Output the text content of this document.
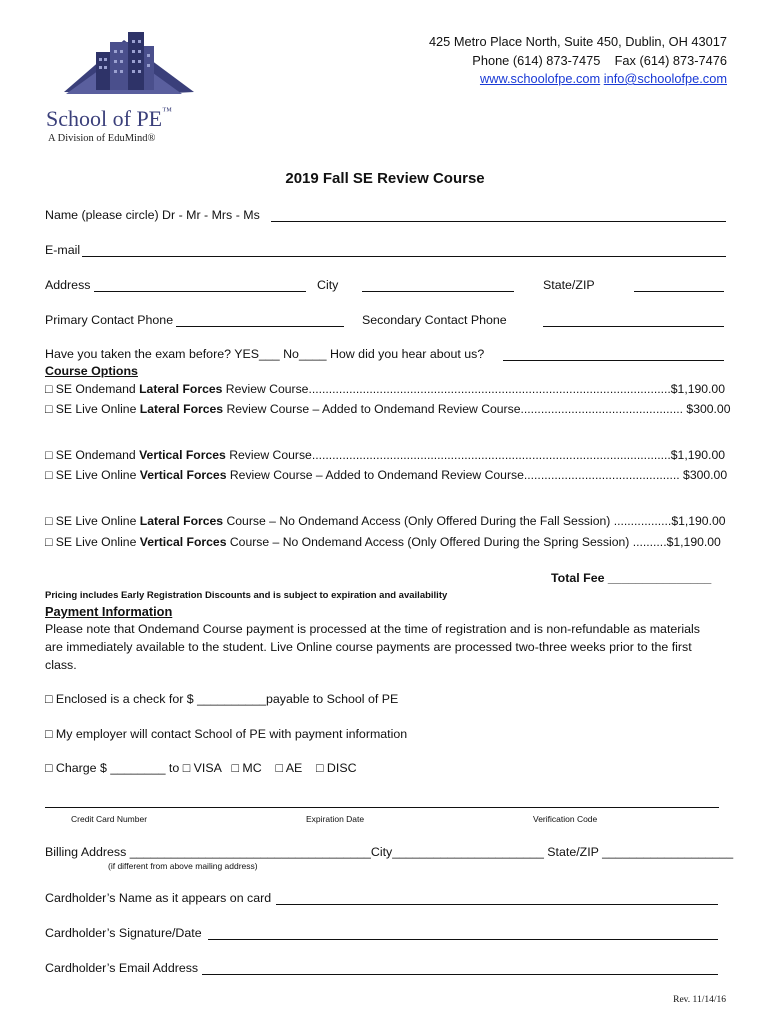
School of PE™
A Division of EduMind®
425 Metro Place North, Suite 450, Dublin, OH 43017
Phone (614) 873-7475    Fax (614) 873-7476
www.schoolofpe.com info@schoolofpe.com
2019 Fall SE Review Course
Name (please circle) Dr - Mr - Mrs - Ms
E-mail
Address	City	State/ZIP
Primary Contact Phone	Secondary Contact Phone
Have you taken the exam before? YES___ No____ How did you hear about us?
Course Options
□ SE Ondemand Lateral Forces Review Course...........................................................................................................$1,190.00
□ SE Live Online Lateral Forces Review Course – Added to Ondemand Review Course................................................ $300.00
□ SE Ondemand Vertical Forces Review Course..........................................................................................................$1,190.00
□ SE Live Online Vertical Forces Review Course – Added to Ondemand Review Course.............................................. $300.00
□ SE Live Online Lateral Forces Course – No Ondemand Access (Only Offered During the Fall Session) .................$1,190.00
□ SE Live Online Vertical Forces Course – No Ondemand Access (Only Offered During the Spring Session) ..........$1,190.00
Total Fee _______________
Pricing includes Early Registration Discounts and is subject to expiration and availability
Payment Information
Please note that Ondemand Course payment is processed at the time of registration and is non-refundable as materials
are immediately available to the student. Live Online course payments are processed two-three weeks prior to the first
class.
□ Enclosed is a check for $ __________payable to School of PE
□ My employer will contact School of PE with payment information
□ Charge $ ________ to □ VISA   □ MC    □ AE    □ DISC
Credit Card Number	Expiration Date	Verification Code
Billing Address ___________________________________City______________________ State/ZIP ___________________
(if different from above mailing address)
Cardholder’s Name as it appears on card
Cardholder’s Signature/Date
Cardholder’s Email Address
Rev. 11/14/16
